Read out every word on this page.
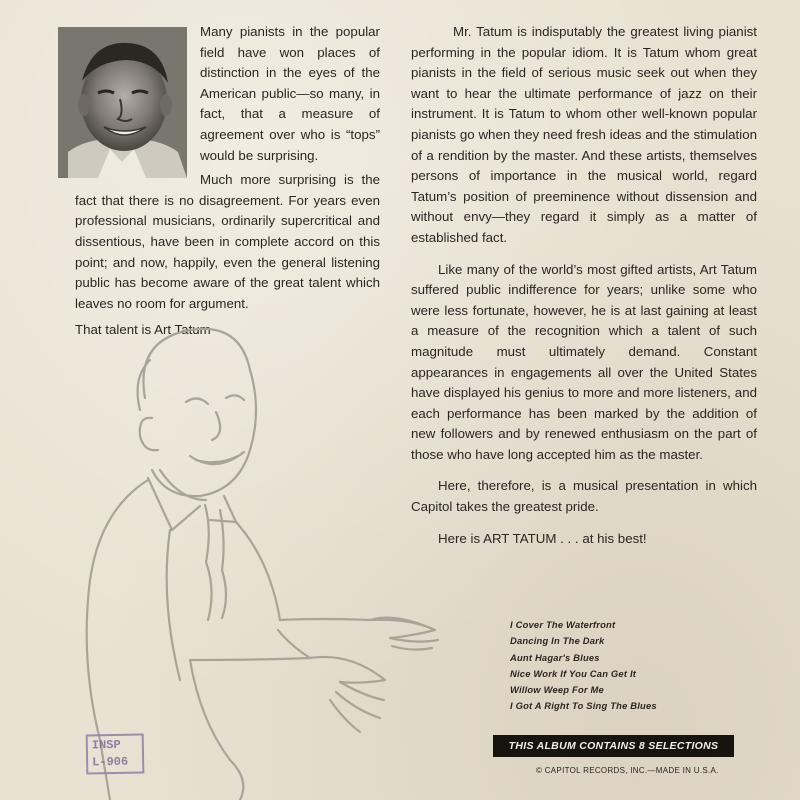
Many pianists in the popular field have won places of distinction in the eyes of the American public—so many, in fact, that a measure of agreement over who is “tops” would be surprising.

Much more surprising is the fact that there is no disagreement. For years even professional musicians, ordinarily supercritical and dissentious, have been in complete accord on this point; and now, happily, even the general listening public has become aware of the great talent which leaves no room for argument.

That talent is Art Tatum

Mr. Tatum is indisputably the greatest living pianist performing in the popular idiom. It is Tatum whom great pianists in the field of serious music seek out when they want to hear the ultimate performance of jazz on their instrument. It is Tatum to whom other well-known popular pianists go when they need fresh ideas and the stimulation of a rendition by the master. And these artists, themselves persons of importance in the musical world, regard Tatum’s position of preeminence without dissension and without envy—they regard it simply as a matter of established fact.

Like many of the world’s most gifted artists, Art Tatum suffered public indifference for years; unlike some who were less fortunate, however, he is at last gaining at least a measure of the recognition which a talent of such magnitude must ultimately demand. Constant appearances in engagements all over the United States have displayed his genius to more and more listeners, and each performance has been marked by the addition of new followers and by renewed enthusiasm on the part of those who have long accepted him as the master.

Here, therefore, is a musical presentation in which Capitol takes the greatest pride.

Here is ART TATUM . . . at his best!

I Cover The Waterfront
Dancing In The Dark
Aunt Hagar's Blues
Nice Work If You Can Get It
Willow Weep For Me
I Got A Right To Sing The Blues
THIS ALBUM CONTAINS 8 SELECTIONS
© CAPITOL RECORDS, INC.—MADE IN U.S.A.
INSP
L-906
